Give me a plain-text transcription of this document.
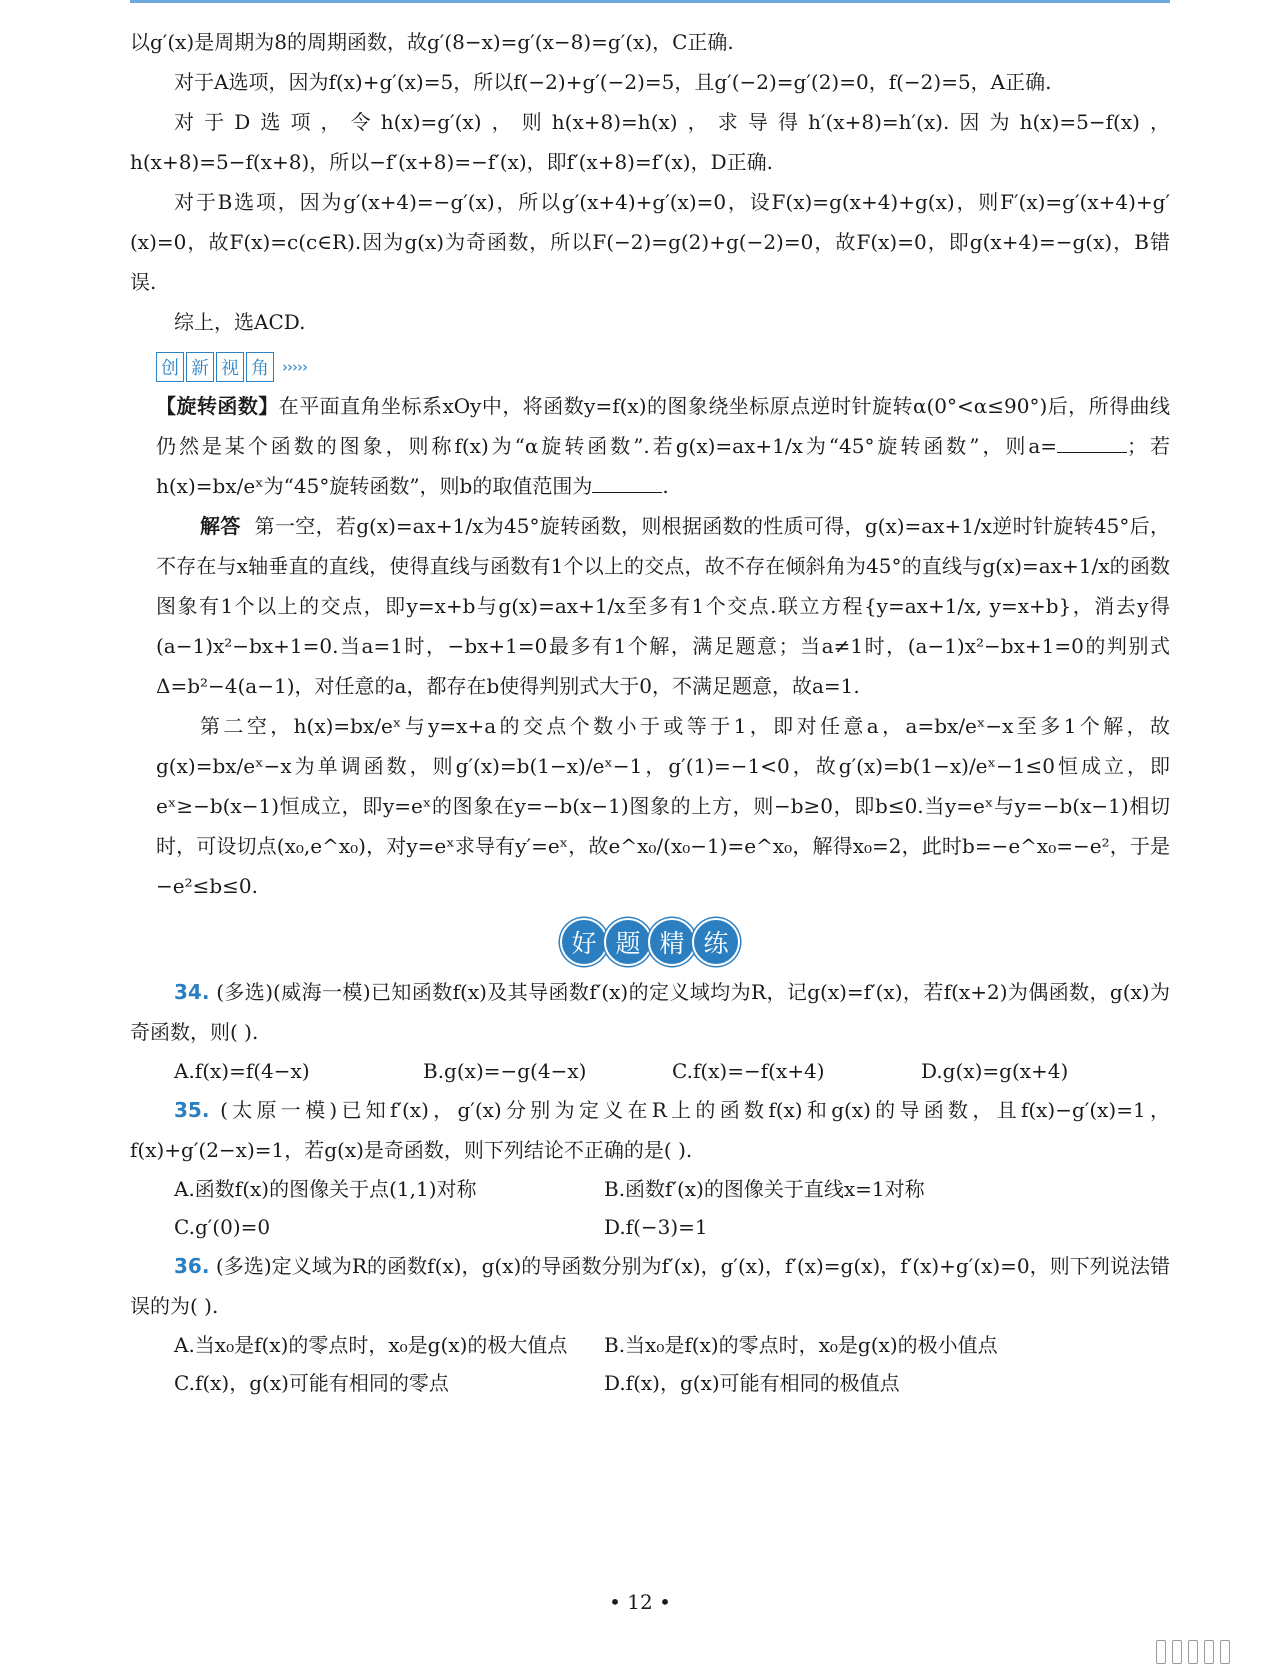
以g′(x)是周期为8的周期函数，故g′(8−x)=g′(x−8)=g′(x)，C正确.

对于A选项，因为f(x)+g′(x)=5，所以f(−2)+g′(−2)=5，且g′(−2)=g′(2)=0，f(−2)=5，A正确.

对于D选项，令h(x)=g′(x)，则h(x+8)=h(x)，求导得h′(x+8)=h′(x).因为h(x)=5−f(x)，h(x+8)=5−f(x+8)，所以−f′(x+8)=−f′(x)，即f′(x+8)=f′(x)，D正确.

对于B选项，因为g′(x+4)=−g′(x)，所以g′(x+4)+g′(x)=0，设F(x)=g(x+4)+g(x)，则F′(x)=g′(x+4)+g′(x)=0，故F(x)=c(c∈R).因为g(x)为奇函数，所以F(−2)=g(2)+g(−2)=0，故F(x)=0，即g(x+4)=−g(x)，B错误.

综上，选ACD.

创 新 视 角 ›››››

【旋转函数】在平面直角坐标系xOy中，将函数y=f(x)的图象绕坐标原点逆时针旋转α(0°<α≤90°)后，所得曲线仍然是某个函数的图象，则称f(x)为“α旋转函数”.若g(x)=ax+1/x为“45°旋转函数”，则a=	；若h(x)=bx/eˣ为“45°旋转函数”，则b的取值范围为	.

解答 第一空，若g(x)=ax+1/x为45°旋转函数，则根据函数的性质可得，g(x)=ax+1/x逆时针旋转45°后，不存在与x轴垂直的直线，使得直线与函数有1个以上的交点，故不存在倾斜角为45°的直线与g(x)=ax+1/x的函数图象有1个以上的交点，即y=x+b与g(x)=ax+1/x至多有1个交点.联立方程{y=ax+1/x, y=x+b}，消去y得(a−1)x²−bx+1=0.当a=1时，−bx+1=0最多有1个解，满足题意；当a≠1时，(a−1)x²−bx+1=0的判别式Δ=b²−4(a−1)，对任意的a，都存在b使得判别式大于0，不满足题意，故a=1.

第二空，h(x)=bx/eˣ与y=x+a的交点个数小于或等于1，即对任意a，a=bx/eˣ−x至多1个解，故g(x)=bx/eˣ−x为单调函数，则g′(x)=b(1−x)/eˣ−1，g′(1)=−1<0，故g′(x)=b(1−x)/eˣ−1≤0恒成立，即eˣ≥−b(x−1)恒成立，即y=eˣ的图象在y=−b(x−1)图象的上方，则−b≥0，即b≤0.当y=eˣ与y=−b(x−1)相切时，可设切点(x₀,e^x₀)，对y=eˣ求导有y′=eˣ，故e^x₀/(x₀−1)=e^x₀，解得x₀=2，此时b=−e^x₀=−e²，于是−e²≤b≤0.

好 题 精 练

34. (多选)(威海一模)已知函数f(x)及其导函数f′(x)的定义域均为R，记g(x)=f′(x)，若f(x+2)为偶函数，g(x)为奇函数，则( ).

A.f(x)=f(4−x)	B.g(x)=−g(4−x)	C.f(x)=−f(x+4)	D.g(x)=g(x+4)

35. (太原一模)已知f′(x)，g′(x)分别为定义在R上的函数f(x)和g(x)的导函数，且f(x)−g′(x)=1，f(x)+g′(2−x)=1，若g(x)是奇函数，则下列结论不正确的是( ).

A.函数f(x)的图像关于点(1,1)对称	B.函数f′(x)的图像关于直线x=1对称
C.g′(0)=0	D.f(−3)=1

36. (多选)定义域为R的函数f(x)，g(x)的导函数分别为f′(x)，g′(x)，f′(x)=g(x)，f′(x)+g′(x)=0，则下列说法错误的为( ).

A.当x₀是f(x)的零点时，x₀是g(x)的极大值点	B.当x₀是f(x)的零点时，x₀是g(x)的极小值点
C.f(x)，g(x)可能有相同的零点	D.f(x)，g(x)可能有相同的极值点
• 12 •
